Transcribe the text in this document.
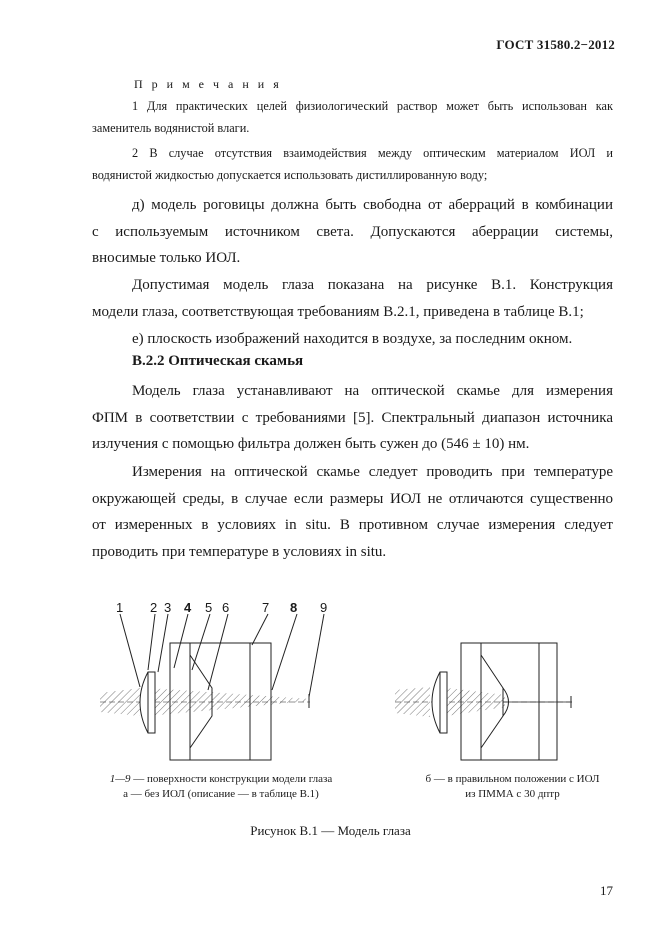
ГОСТ 31580.2−2012
П р и м е ч а н и я
1 Для практических целей физиологический раствор может быть использован как
заменитель водянистой влаги.
2 В случае отсутствия взаимодействия между оптическим материалом ИОЛ и
водянистой жидкостью допускается использовать дистиллированную воду;
д) модель роговицы должна быть свободна от аберраций в комбинации
с используемым источником света. Допускаются аберрации системы,
вносимые только ИОЛ.
Допустимая модель глаза показана на рисунке В.1. Конструкция
модели глаза, соответствующая требованиям В.2.1, приведена в таблице В.1;
е) плоскость изображений находится в воздухе, за последним окном.
В.2.2 Оптическая скамья
Модель глаза устанавливают на оптической скамье для измерения
ФПМ в соответствии с требованиями [5]. Спектральный диапазон источника
излучения с помощью фильтра должен быть сужен до (546 ± 10) нм.
Измерения на оптической скамье следует проводить при температуре
окружающей среды, в случае если размеры ИОЛ не отличаются существенно
от измеренных в условиях in situ. В противном случае измерения следует
проводить при температуре в условиях in situ.
1 2 3 4 5 6	7 8 9
1—9 — поверхности конструкции модели глаза
а — без ИОЛ (описание — в таблице В.1)
б — в правильном положении с ИОЛ
из ПММА с 30 дптр
Рисунок В.1 — Модель глаза
17
